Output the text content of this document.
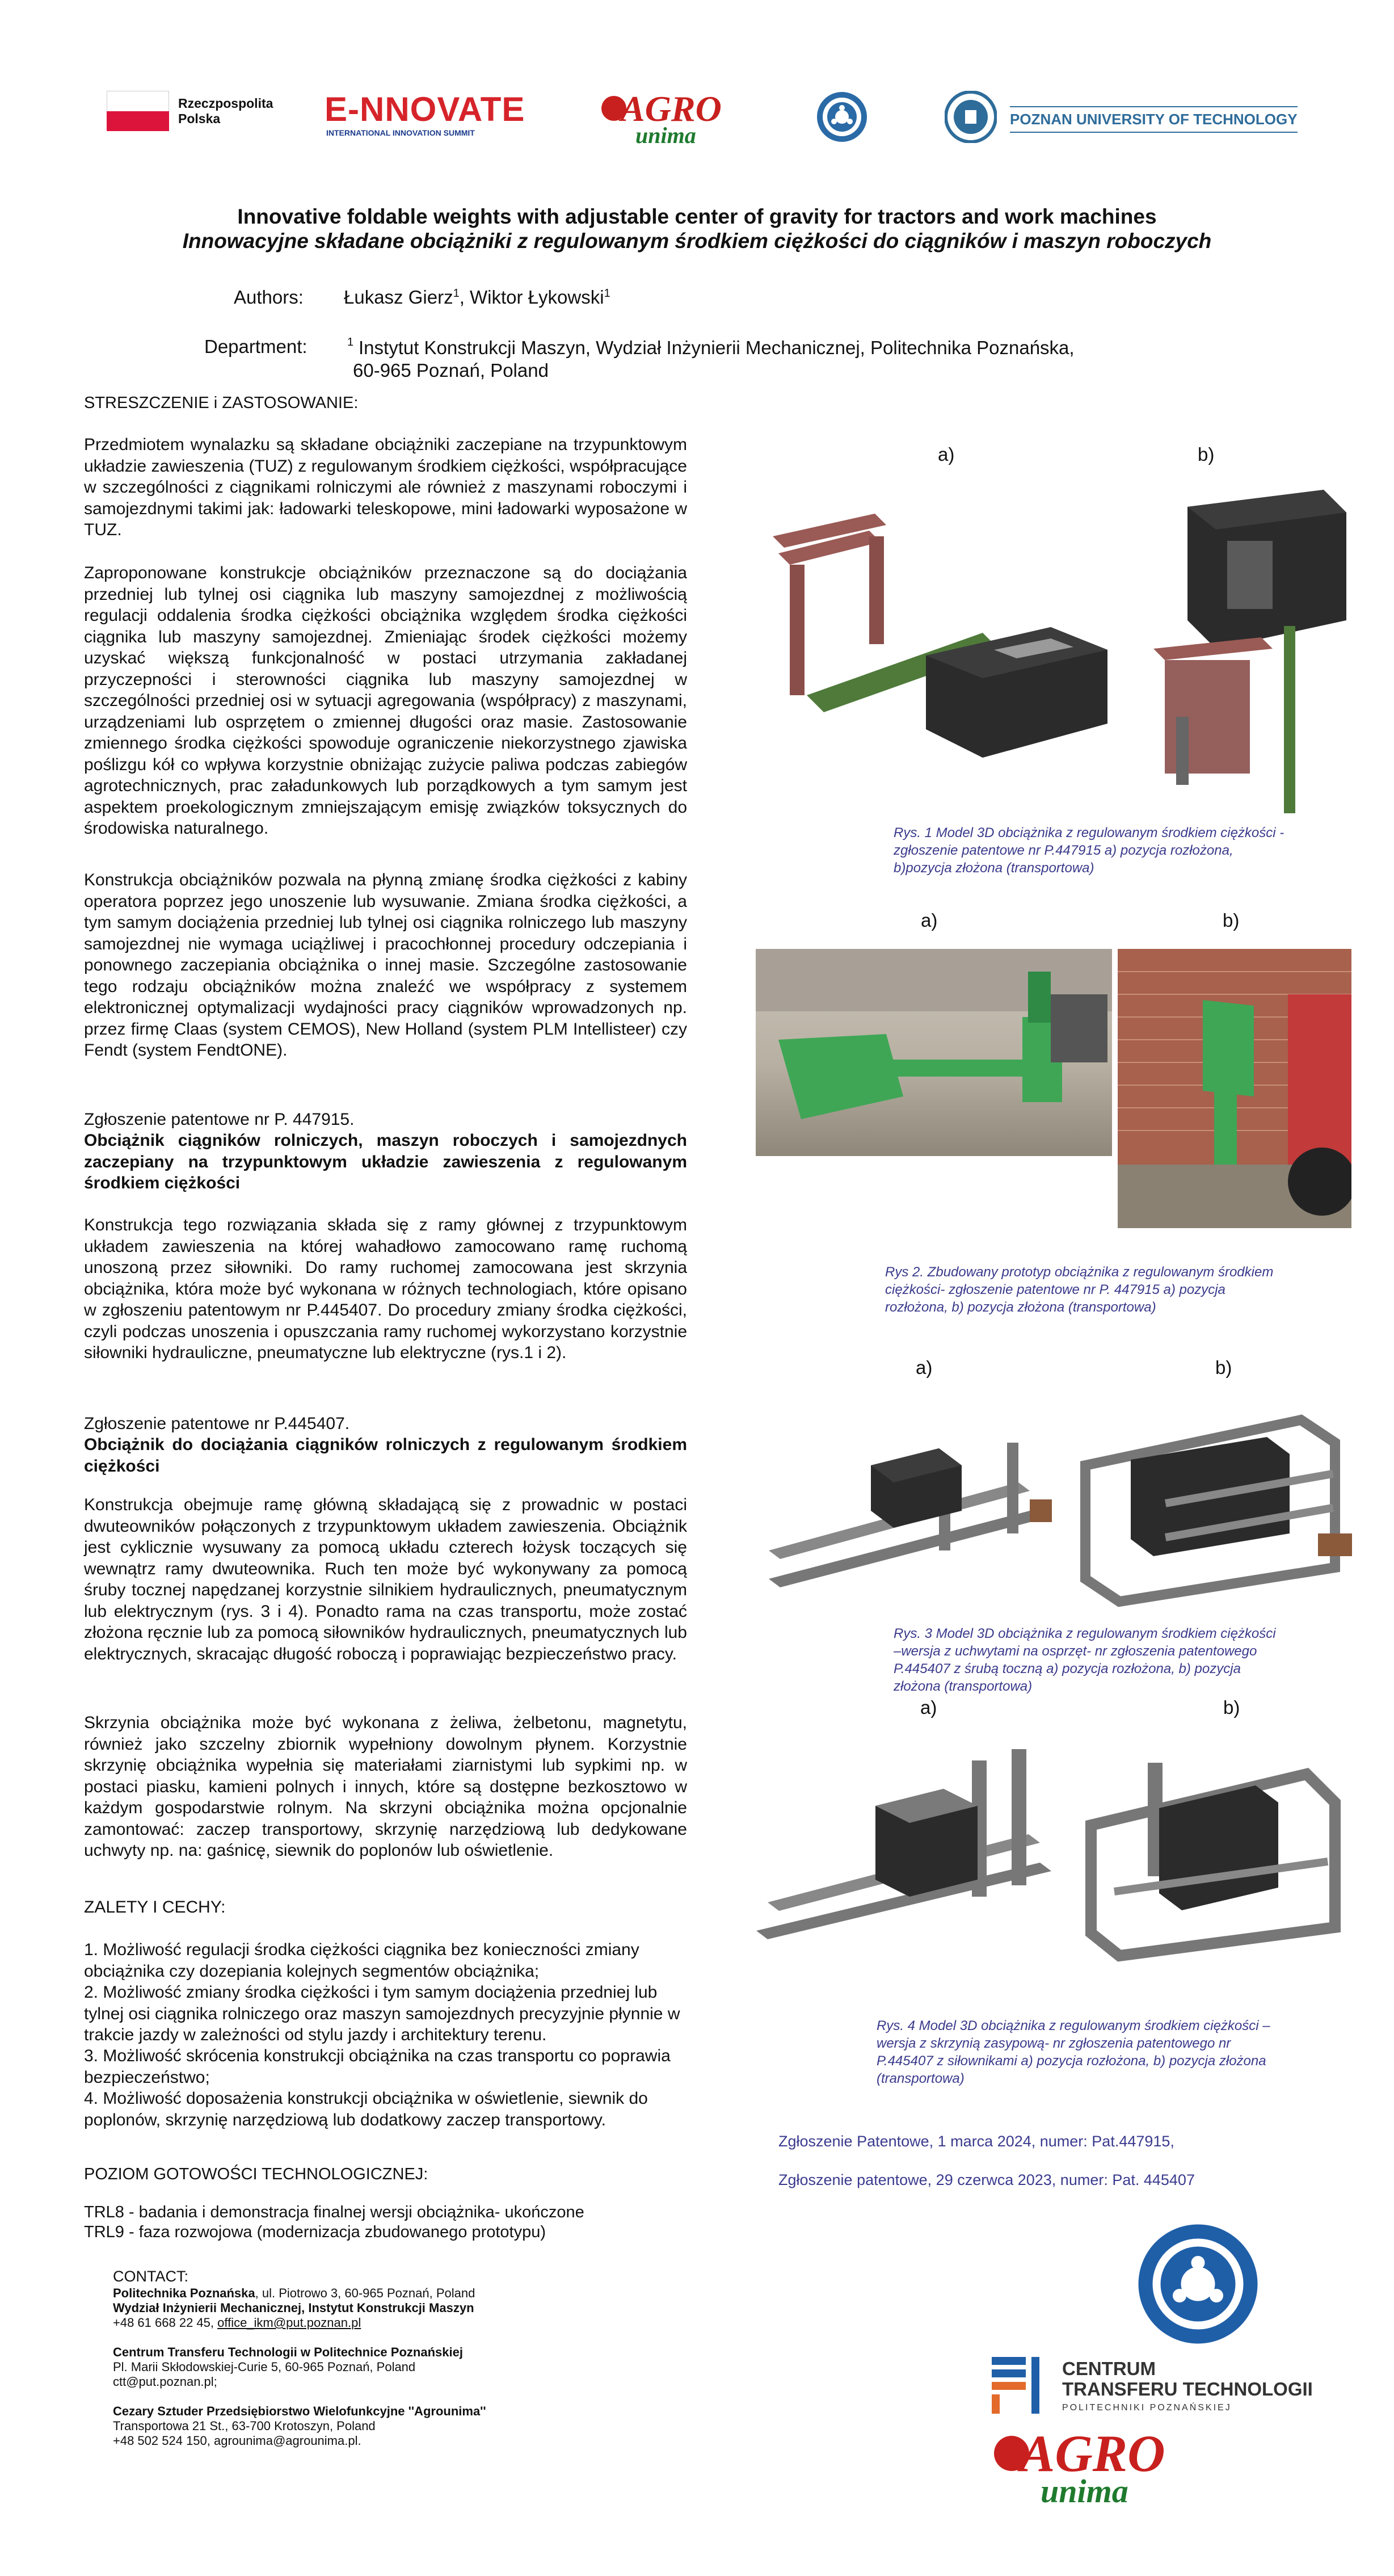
Rzeczpospolita
Polska	E-NNOVATE
INTERNATIONAL INNOVATION SUMMIT
AGRO
unima
POZNAN UNIVERSITY OF TECHNOLOGY
Innovative foldable weights with adjustable center of gravity for tractors and work machines
Innowacyjne składane obciążniki z regulowanym środkiem ciężkości do ciągników i maszyn roboczych
Authors: Łukasz Gierz$^1$, Wiktor Łykowski$^1$
Department:	1 Instytut Konstrukcji Maszyn, Wydział Inżynierii Mechanicznej, Politechnika Poznańska,
60-965 Poznań, Poland
STRESZCZENIE i ZASTOSOWANIE:
Przedmiotem wynalazku są składane obciążniki zaczepiane na trzypunktowym układzie zawieszenia (TUZ) z regulowanym środkiem ciężkości, współpracujące w szczególności z ciągnikami rolniczymi ale również z maszynami roboczymi i samojezdnymi takimi jak: ładowarki teleskopowe, mini ładowarki wyposażone w TUZ.
Zaproponowane konstrukcje obciążników przeznaczone są do dociążania przedniej lub tylnej osi ciągnika lub maszyny samojezdnej z możliwością regulacji oddalenia środka ciężkości obciążnika względem środka ciężkości ciągnika lub maszyny samojezdnej. Zmieniając środek ciężkości możemy uzyskać większą funkcjonalność w postaci utrzymania zakładanej przyczepności i sterowności ciągnika lub maszyny samojezdnej w szczególności przedniej osi w sytuacji agregowania (współpracy) z maszynami, urządzeniami lub osprzętem o zmiennej długości oraz masie. Zastosowanie zmiennego środka ciężkości spowoduje ograniczenie niekorzystnego zjawiska poślizgu kół co wpływa korzystnie obniżając zużycie paliwa podczas zabiegów agrotechnicznych, prac załadunkowych lub porządkowych a tym samym jest aspektem proekologicznym zmniejszającym emisję związków toksycznych do środowiska naturalnego.
Konstrukcja obciążników pozwala na płynną zmianę środka ciężkości z kabiny operatora poprzez jego unoszenie lub wysuwanie. Zmiana środka ciężkości, a tym samym dociążenia przedniej lub tylnej osi ciągnika rolniczego lub maszyny samojezdnej nie wymaga uciążliwej i pracochłonnej procedury odczepiania i ponownego zaczepiania obciążnika o innej masie. Szczególne zastosowanie tego rodzaju obciążników można znaleźć we współpracy z systemem elektronicznej optymalizacji wydajności pracy ciągników wprowadzonych np. przez firmę Claas (system CEMOS), New Holland (system PLM Intellisteer) czy Fendt (system FendtONE).
Zgłoszenie patentowe nr P. 447915.
Obciążnik ciągników rolniczych, maszyn roboczych i samojezdnych zaczepiany na trzypunktowym układzie zawieszenia z regulowanym środkiem ciężkości
Konstrukcja tego rozwiązania składa się z ramy głównej z trzypunktowym układem zawieszenia na której wahadłowo zamocowano ramę ruchomą unoszoną przez siłowniki. Do ramy ruchomej zamocowana jest skrzynia obciążnika, która może być wykonana w różnych technologiach, które opisano w zgłoszeniu patentowym nr P.445407. Do procedury zmiany środka ciężkości, czyli podczas unoszenia i opuszczania ramy ruchomej wykorzystano korzystnie siłowniki hydrauliczne, pneumatyczne lub elektryczne (rys.1 i 2).
Zgłoszenie patentowe nr P.445407.
Obciążnik do dociążania ciągników rolniczych z regulowanym środkiem ciężkości
Konstrukcja obejmuje ramę główną składającą się z prowadnic w postaci dwuteowników połączonych z trzypunktowym układem zawieszenia. Obciążnik jest cyklicznie wysuwany za pomocą układu czterech łożysk toczących się wewnątrz ramy dwuteownika. Ruch ten może być wykonywany za pomocą śruby tocznej napędzanej korzystnie silnikiem hydraulicznych, pneumatycznym lub elektrycznym (rys. 3 i 4). Ponadto rama na czas transportu, może zostać złożona ręcznie lub za pomocą siłowników hydraulicznych, pneumatycznych lub elektrycznych, skracając długość roboczą i poprawiając bezpieczeństwo pracy.
Skrzynia obciążnika może być wykonana z żeliwa, żelbetonu, magnetytu, również jako szczelny zbiornik wypełniony dowolnym płynem. Korzystnie skrzynię obciążnika wypełnia się materiałami ziarnistymi lub sypkimi np. w postaci piasku, kamieni polnych i innych, które są dostępne bezkosztowo w każdym gospodarstwie rolnym. Na skrzyni obciążnika można opcjonalnie zamontować: zaczep transportowy, skrzynię narzędziową lub dedykowane uchwyty np. na: gaśnicę, siewnik do poplonów lub oświetlenie.
ZALETY I CECHY:
1. Możliwość regulacji środka ciężkości ciągnika bez konieczności zmiany obciążnika czy dozepiania kolejnych segmentów obciążnika;
2. Możliwość zmiany środka ciężkości i tym samym dociążenia przedniej lub tylnej osi ciągnika rolniczego oraz maszyn samojezdnych precyzyjnie płynnie w trakcie jazdy w zależności od stylu jazdy i architektury terenu.
3. Możliwość skrócenia konstrukcji obciążnika na czas transportu co poprawia bezpieczeństwo;
4. Możliwość doposażenia konstrukcji obciążnika w oświetlenie, siewnik do poplonów, skrzynię narzędziową lub dodatkowy zaczep transportowy.
POZIOM GOTOWOŚCI TECHNOLOGICZNEJ:
TRL8 - badania i demonstracja finalnej wersji obciążnika- ukończone
TRL9 - faza rozwojowa (modernizacja zbudowanego prototypu)
CONTACT:
Politechnika Poznańska, ul. Piotrowo 3, 60-965 Poznań, Poland
Wydział Inżynierii Mechanicznej, Instytut Konstrukcji Maszyn
+48 61 668 22 45, office_ikm@put.poznan.pl
Centrum Transferu Technologii w Politechnice Poznańskiej
Pl. Marii Skłodowskiej-Curie 5, 60-965 Poznań, Poland
ctt@put.poznan.pl;
Cezary Sztuder Przedsiębiorstwo Wielofunkcyjne ''Agrounima''
Transportowa 21 St., 63-700 Krotoszyn, Poland
+48 502 524 150, agrounima@agrounima.pl.
a)	b)
Rys. 1 Model 3D obciążnika z regulowanym środkiem ciężkości -zgłoszenie patentowe nr P.447915 a) pozycja rozłożona, b)pozycja złożona (transportowa)
a)	b)
Rys 2. Zbudowany prototyp obciążnika z regulowanym środkiem ciężkości- zgłoszenie patentowe nr P. 447915 a) pozycja rozłożona, b) pozycja złożona (transportowa)
a)	b)
Rys. 3 Model 3D obciążnika z regulowanym środkiem ciężkości –wersja z uchwytami na osprzęt- nr zgłoszenia patentowego P.445407 z śrubą toczną a) pozycja rozłożona, b) pozycja złożona (transportowa)
a)	b)
Rys. 4 Model 3D obciążnika z regulowanym środkiem ciężkości – wersja z skrzynią zasypową- nr zgłoszenia patentowego nr P.445407 z siłownikami a) pozycja rozłożona, b) pozycja złożona (transportowa)
Zgłoszenie Patentowe, 1 marca 2024, numer: Pat.447915,
Zgłoszenie patentowe, 29 czerwca 2023, numer: Pat. 445407
CENTRUM
TRANSFERU TECHNOLOGII
POLITECHNIKI POZNAŃSKIEJ
AGRO
unima
